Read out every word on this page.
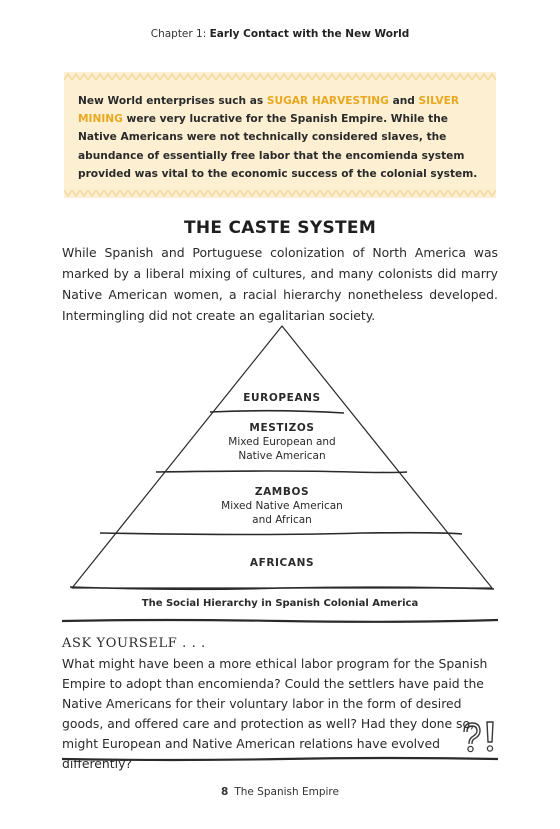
Chapter 1: Early Contact with the New World

New World enterprises such as SUGAR HARVESTING and SILVER MINING were very lucrative for the Spanish Empire. While the Native Americans were not technically considered slaves, the abundance of essentially free labor that the encomienda system provided was vital to the economic success of the colonial system.

THE CASTE SYSTEM

While Spanish and Portuguese colonization of North America was marked by a liberal mixing of cultures, and many colonists did marry Native American women, a racial hierarchy nonetheless developed. Intermingling did not create an egalitarian society.

EUROPEANS
MESTIZOS
Mixed European and Native American
ZAMBOS
Mixed Native American and African
AFRICANS
The Social Hierarchy in Spanish Colonial America
ASK YOURSELF . . .

What might have been a more ethical labor program for the Spanish Empire to adopt than encomienda? Could the settlers have paid the Native Americans for their voluntary labor in the form of desired goods, and offered care and protection as well? Had they done so, might European and Native American relations have evolved differently?

8 The Spanish Empire
